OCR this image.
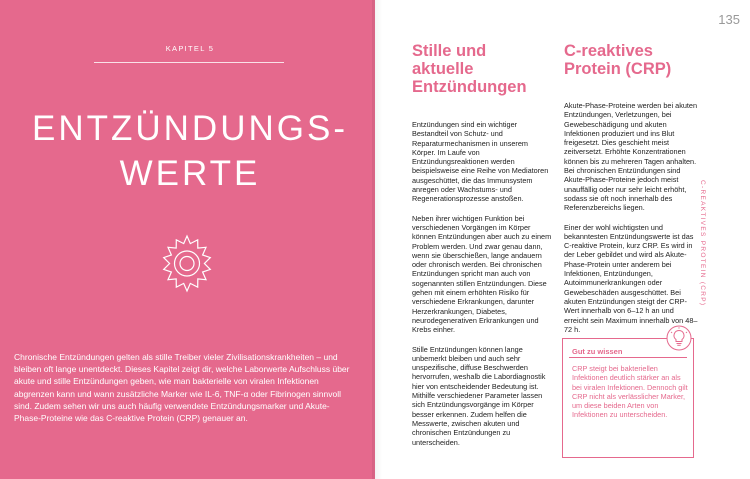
KAPITEL 5
ENTZÜNDUNGS-
WERTE
Chronische Entzündungen gelten als stille Treiber vieler Zivilisationskrankheiten – und bleiben oft lange unentdeckt. Dieses Kapitel zeigt dir, welche Laborwerte Aufschluss über akute und stille Entzündungen geben, wie man bakterielle von viralen Infektionen abgrenzen kann und wann zusätzliche Marker wie IL-6, TNF-α oder Fibrinogen sinnvoll sind. Zudem sehen wir uns auch häufig verwendete Entzündungsmarker und Akute-Phase-Proteine wie das C-reaktive Protein (CRP) genauer an.
135
Stille und aktuelle Entzündungen

Entzündungen sind ein wichtiger Bestandteil von Schutz- und Reparaturmechanismen in unserem Körper. Im Laufe von Entzündungsreaktionen werden beispielsweise eine Reihe von Mediatoren ausgeschüttet, die das Immunsystem anregen oder Wachstums- und Regenerationsprozesse anstoßen.

Neben ihrer wichtigen Funktion bei verschiedenen Vorgängen im Körper können Entzündungen aber auch zu einem Problem werden. Und zwar genau dann, wenn sie überschießen, lange andauern oder chronisch werden. Bei chronischen Entzündungen spricht man auch von sogenannten stillen Entzündungen. Diese gehen mit einem erhöhten Risiko für verschiedene Erkrankungen, darunter Herzerkrankungen, Diabetes, neurodegenerativen Erkrankungen und Krebs einher.

Stille Entzündungen können lange unbemerkt bleiben und auch sehr unspezifische, diffuse Beschwerden hervorrufen, weshalb die Labordiagnostik hier von entscheidender Bedeutung ist. Mithilfe verschiedener Parameter lassen sich Entzündungsvorgänge im Körper besser erkennen. Zudem helfen die Messwerte, zwischen akuten und chronischen Entzündungen zu unterscheiden.

C-reaktives Protein (CRP)

Akute-Phase-Proteine werden bei akuten Entzündungen, Verletzungen, bei Gewebeschädigung und akuten Infektionen produziert und ins Blut freigesetzt. Dies geschieht meist zeitversetzt. Erhöhte Konzentrationen können bis zu mehreren Tagen anhalten. Bei chronischen Entzündungen sind Akute-Phase-Proteine jedoch meist unauffällig oder nur sehr leicht erhöht, sodass sie oft noch innerhalb des Referenzbereichs liegen.

Einer der wohl wichtigsten und bekanntesten Entzündungswerte ist das C-reaktive Protein, kurz CRP. Es wird in der Leber gebildet und wird als Akute-Phase-Protein unter anderem bei Infektionen, Entzündungen, Autoimmunerkrankungen oder Gewebeschäden ausgeschüttet. Bei akuten Entzündungen steigt der CRP-Wert innerhalb von 6–12 h an und erreicht sein Maximum innerhalb von 48–72 h.

C-REAKTIVES PROTEIN (CRP)
Gut zu wissen
CRP steigt bei bakteriellen Infektionen deutlich stärker an als bei viralen Infektionen. Dennoch gilt CRP nicht als verlässlicher Marker, um diese beiden Arten von Infektionen zu unterscheiden.
